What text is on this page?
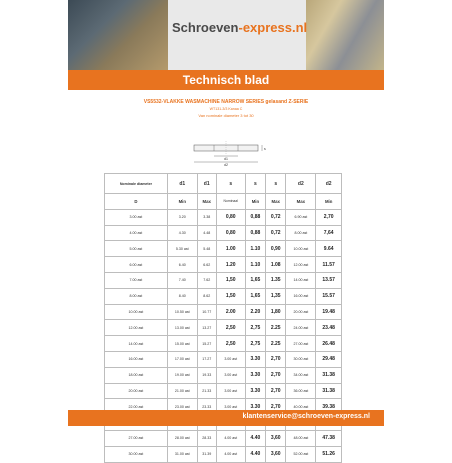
Schroeven-express.nl
Technisch blad
VS5532-VLAKKE WASMACHINE NARROW SERIES gelasand Z-SERIE
WT131-3/3 Kanaa C
Van nominale diameter 3 tot 30
d1
d2
s
Nominale diameter	d1	d1	s	s	s	d2	d2
D	Min	Max	Nominaal	Min	Max	Max	Min
3.00 ast	3.20	3.38	0,80	0,88	0,72	6.90 ast	2,70
4.00 ast	4.30	4.48	0,80	0,88	0,72	8.00 ast	7,64
5.00 ast	5.30 ast	5.48	1.00	1.10	0,90	10.00 ast	9.64
6.00 ast	6.40	6.62	1.20	1.10	1.08	12.00 ast	11.57
7.00 ast	7.40	7.62	1,50	1,65	1.35	14.00 ast	13.57
8.00 ast	8.40	8.62	1,50	1,65	1,35	16.00 ast	15.57
10.00 ast	10.50 ast	10.77	2.00	2.20	1,80	20.00 ast	19.48
12.00 ast	13.00 ast	13.27	2,50	2,75	2.25	24.00 ast	23.48
14.00 ast	15.00 ast	15.27	2,50	2,75	2.25	27.00 ast	26.48
16.00 ast	17.00 ast	17.27	3.00 ast	3.30	2,70	30.00 ast	29.48
18.00 ast	19.00 ast	19.33	3.00 ast	3.30	2,70	34.00 ast	31.38
20.00 ast	21.00 ast	21.33	3.00 ast	3.30	2,70	36.00 ast	31.38
22.00 ast	23.00 ast	23.33	3.00 ast	3.30	2,70	40.00 ast	39.38

27.00 ast	28.00 ast	28.33	4.00 ast	4.40	3,60	48.00 ast	47.38
30.00 ast	31.00 ast	31.39	4.00 ast	4.40	3,60	52.00 ast	51.26
klantenservice@schroeven-express.nl
